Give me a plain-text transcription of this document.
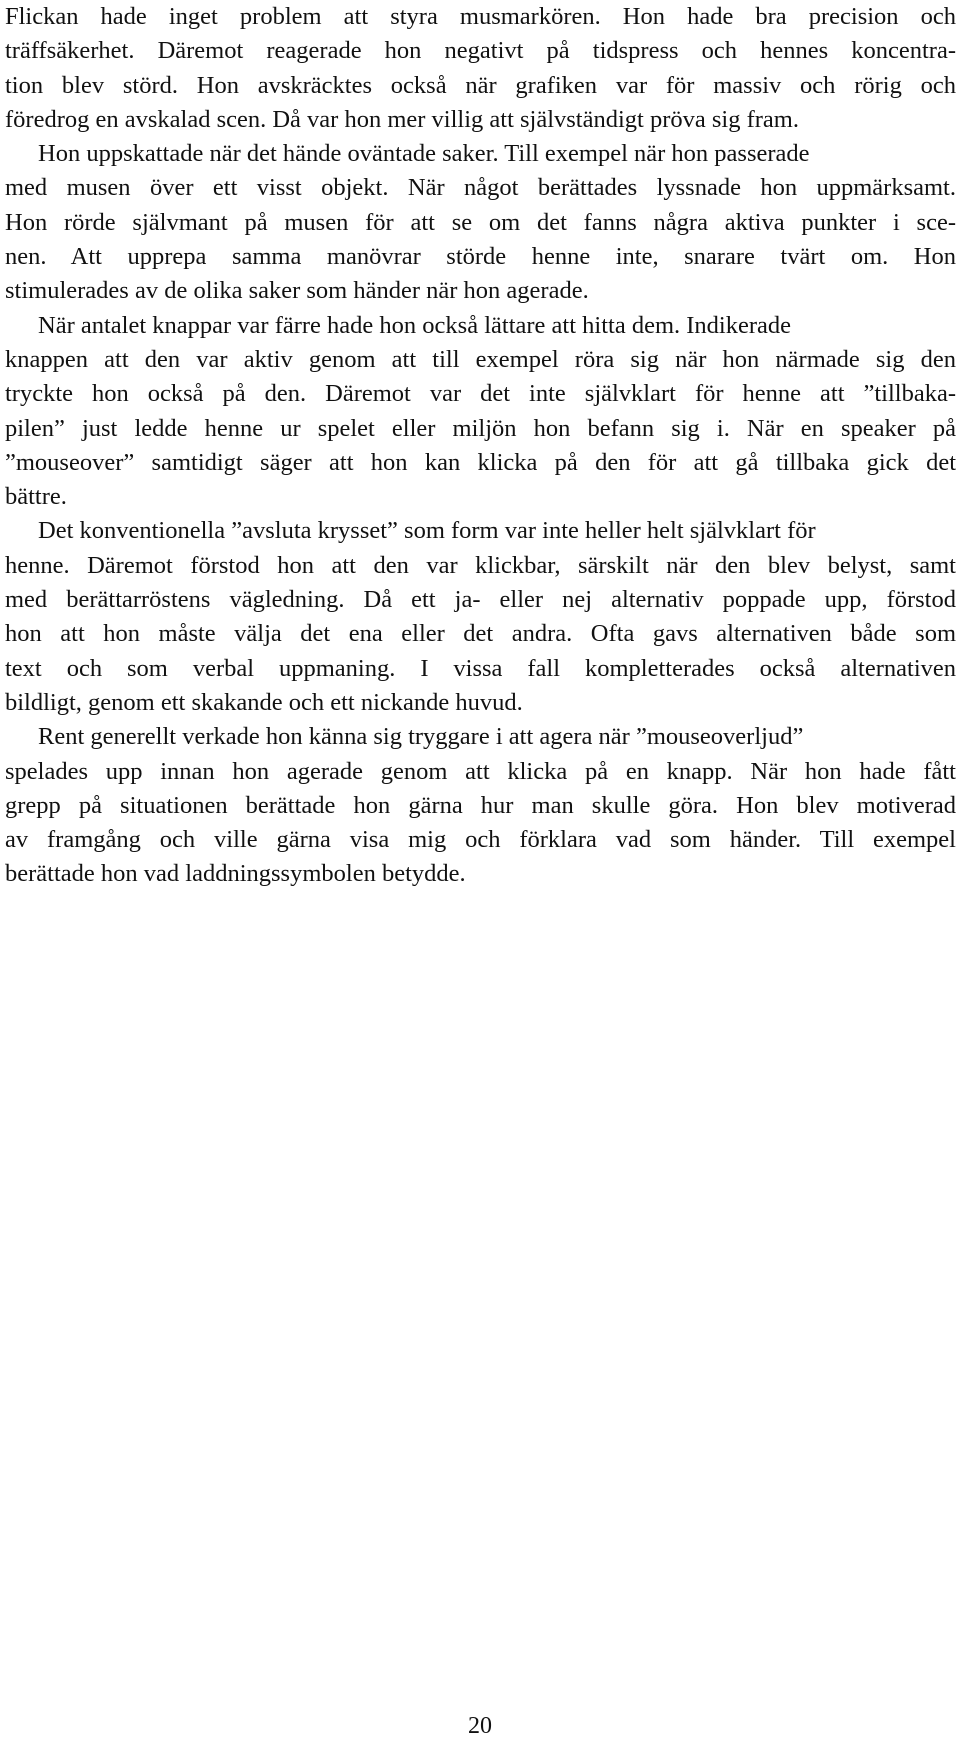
Flickan hade inget problem att styra musmarkören. Hon hade bra precision och
träffsäkerhet. Däremot reagerade hon negativt på tidspress och hennes koncentra-
tion blev störd. Hon avskräcktes också när grafiken var för massiv och rörig och
föredrog en avskalad scen. Då var hon mer villig att självständigt pröva sig fram.
Hon uppskattade när det hände oväntade saker. Till exempel när hon passerade
med musen över ett visst objekt. När något berättades lyssnade hon uppmärksamt.
Hon rörde självmant på musen för att se om det fanns några aktiva punkter i sce-
nen. Att upprepa samma manövrar störde henne inte, snarare tvärt om. Hon
stimulerades av de olika saker som händer när hon agerade.
När antalet knappar var färre hade hon också lättare att hitta dem. Indikerade
knappen att den var aktiv genom att till exempel röra sig när hon närmade sig den
tryckte hon också på den. Däremot var det inte självklart för henne att ”tillbaka-
pilen” just ledde henne ur spelet eller miljön hon befann sig i. När en speaker på
”mouseover” samtidigt säger att hon kan klicka på den för att gå tillbaka gick det
bättre.
Det konventionella ”avsluta krysset” som form var inte heller helt självklart för
henne. Däremot förstod hon att den var klickbar, särskilt när den blev belyst, samt
med berättarröstens vägledning. Då ett ja- eller nej alternativ poppade upp, förstod
hon att hon måste välja det ena eller det andra. Ofta gavs alternativen både som
text och som verbal uppmaning. I vissa fall kompletterades också alternativen
bildligt, genom ett skakande och ett nickande huvud.
Rent generellt verkade hon känna sig tryggare i att agera när ”mouseoverljud”
spelades upp innan hon agerade genom att klicka på en knapp. När hon hade fått
grepp på situationen berättade hon gärna hur man skulle göra. Hon blev motiverad
av framgång och ville gärna visa mig och förklara vad som händer. Till exempel
berättade hon vad laddningssymbolen betydde.
20
